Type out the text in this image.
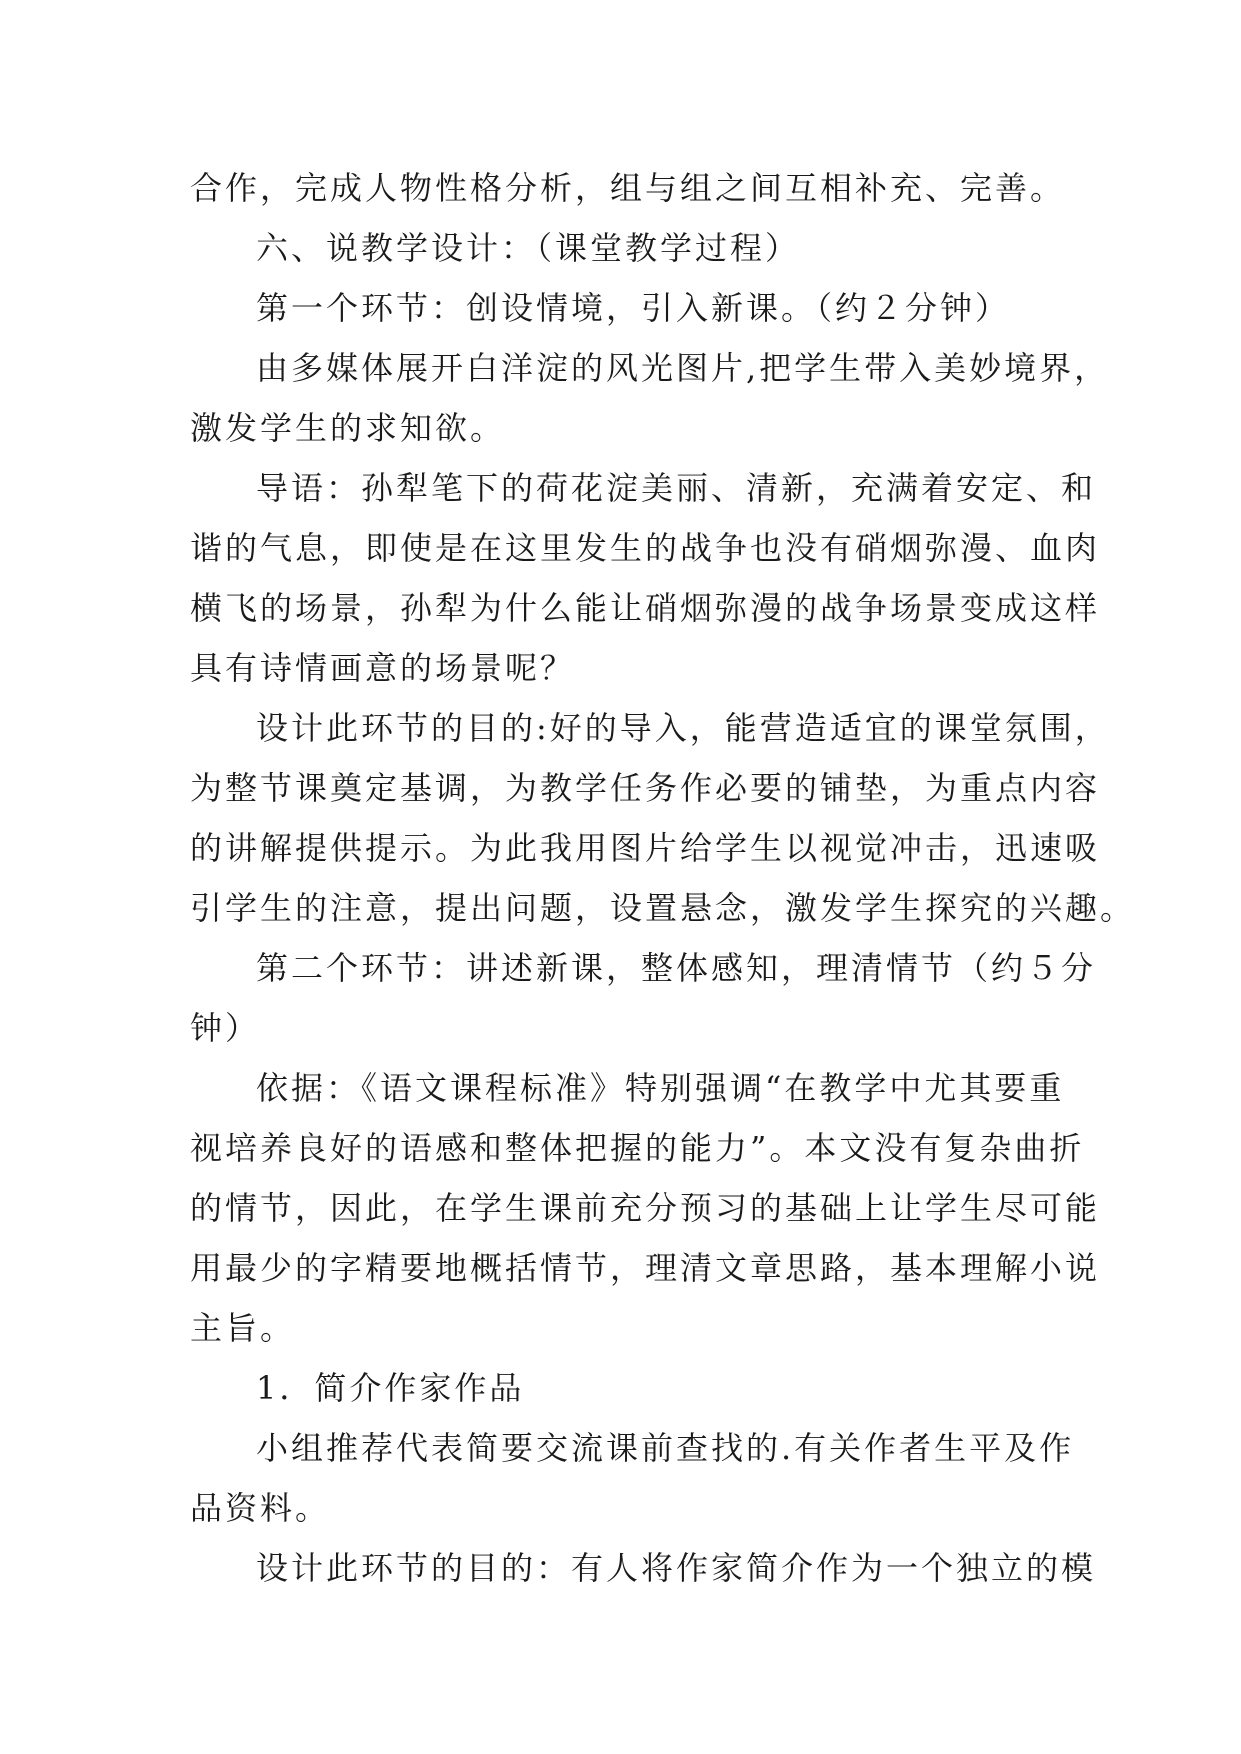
合作，完成人物性格分析，组与组之间互相补充、完善。
六、说教学设计：（课堂教学过程）
第一个环节：创设情境，引入新课。（约２分钟）
由多媒体展开白洋淀的风光图片,把学生带入美妙境界，
激发学生的求知欲。
导语：孙犁笔下的荷花淀美丽、清新，充满着安定、和
谐的气息，即使是在这里发生的战争也没有硝烟弥漫、血肉
横飞的场景，孙犁为什么能让硝烟弥漫的战争场景变成这样
具有诗情画意的场景呢？
设计此环节的目的:好的导入，能营造适宜的课堂氛围，
为整节课奠定基调，为教学任务作必要的铺垫，为重点内容
的讲解提供提示。为此我用图片给学生以视觉冲击，迅速吸
引学生的注意，提出问题，设置悬念，激发学生探究的兴趣。
第二个环节：讲述新课，整体感知，理清情节（约５分
钟）
依据：《语文课程标准》特别强调“在教学中尤其要重
视培养良好的语感和整体把握的能力”。本文没有复杂曲折
的情节，因此，在学生课前充分预习的基础上让学生尽可能
用最少的字精要地概括情节，理清文章思路，基本理解小说
主旨。
1．简介作家作品
小组推荐代表简要交流课前查找的.有关作者生平及作
品资料。
设计此环节的目的：有人将作家简介作为一个独立的模
